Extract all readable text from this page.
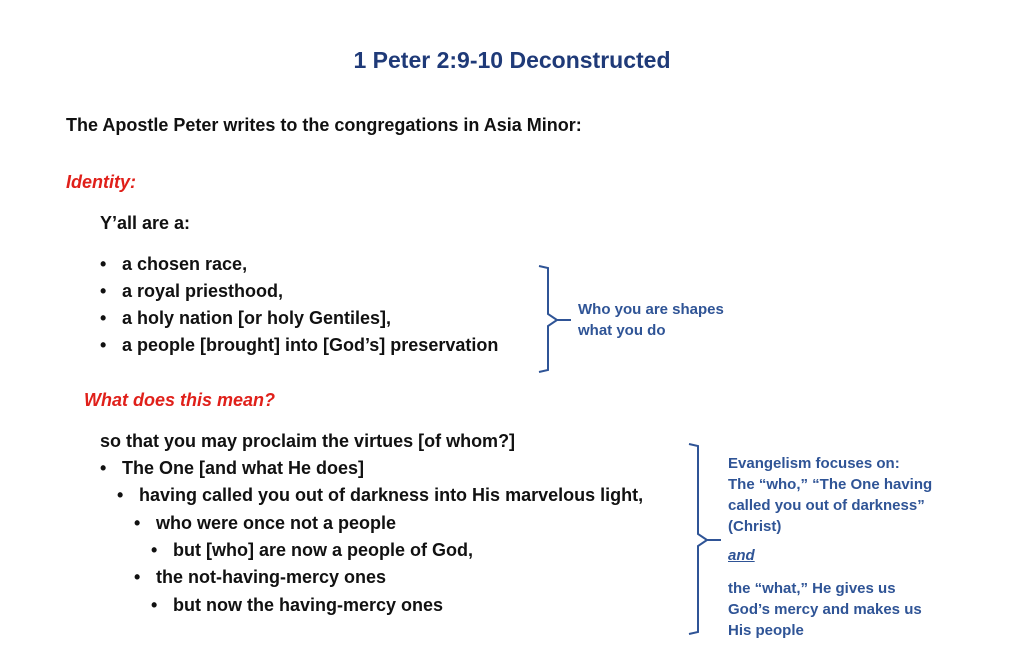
1 Peter 2:9-10 Deconstructed
The Apostle Peter writes to the congregations in Asia Minor:
Identity:
Y’all are a:
• a chosen race,
• a royal priesthood,
• a holy nation [or holy Gentiles],
• a people [brought] into [God’s] preservation
Who you are shapes
what you do
What does this mean?
so that you may proclaim the virtues [of whom?]
• The One [and what He does]
• having called you out of darkness into His marvelous light,
• who were once not a people
• but [who] are now a people of God,
• the not-having-mercy ones
• but now the having-mercy ones
Evangelism focuses on:
The “who,” “The One having
called you out of darkness”
(Christ)
and
the “what,” He gives us
God’s mercy and makes us
His people
